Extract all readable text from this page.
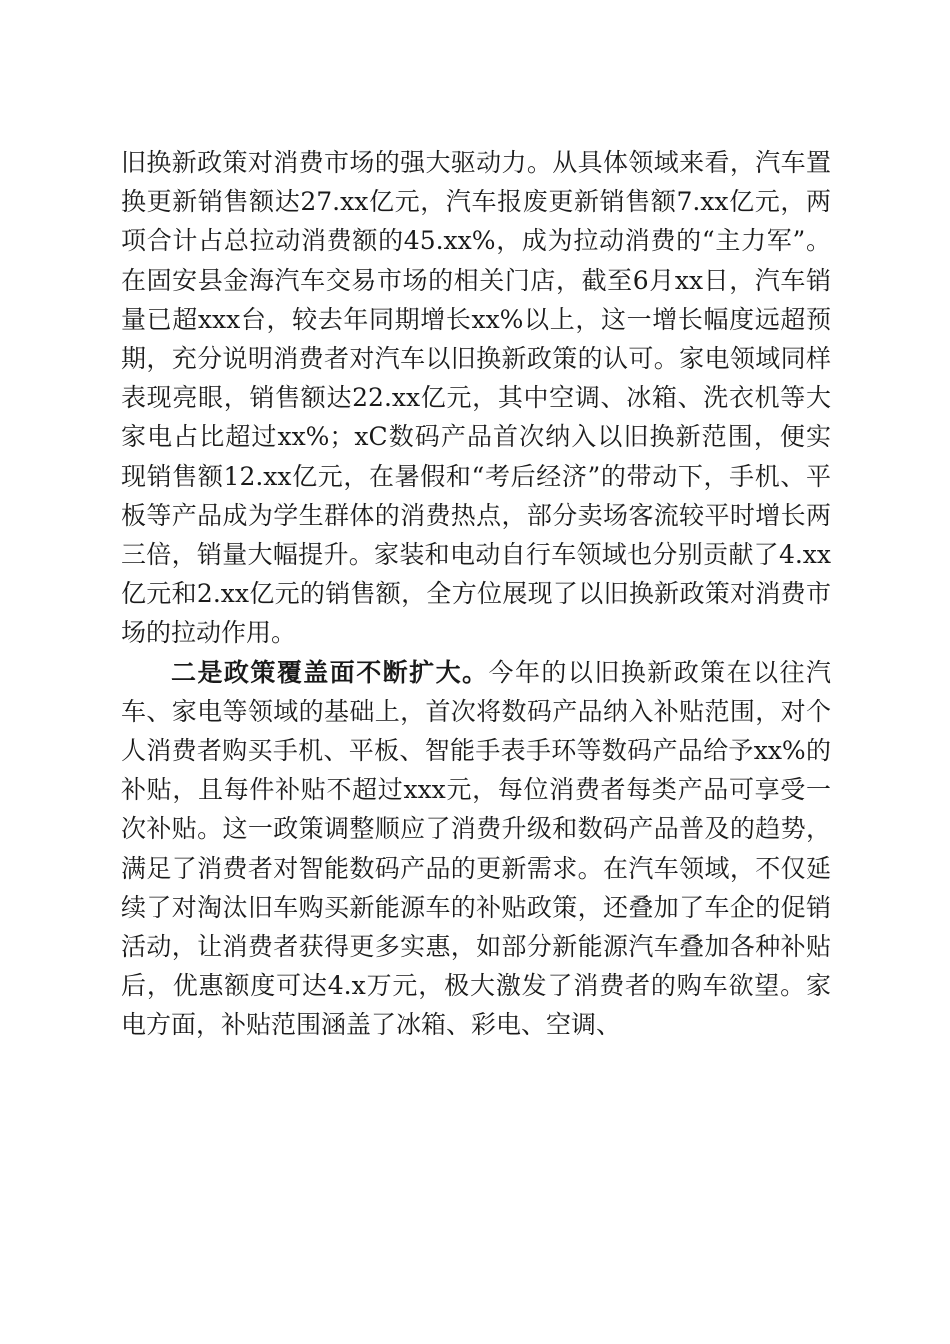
旧换新政策对消费市场的强大驱动力。从具体领域来看，汽车置换更新销售额达27.xx亿元，汽车报废更新销售额7.xx亿元，两项合计占总拉动消费额的45.xx%，成为拉动消费的“主力军”。在固安县金海汽车交易市场的相关门店，截至6月xx日，汽车销量已超xxx台，较去年同期增长xx%以上，这一增长幅度远超预期，充分说明消费者对汽车以旧换新政策的认可。家电领域同样表现亮眼，销售额达22.xx亿元，其中空调、冰箱、洗衣机等大家电占比超过xx%；xC数码产品首次纳入以旧换新范围，便实现销售额12.xx亿元，在暑假和“考后经济”的带动下，手机、平板等产品成为学生群体的消费热点，部分卖场客流较平时增长两三倍，销量大幅提升。家装和电动自行车领域也分别贡献了4.xx亿元和2.xx亿元的销售额，全方位展现了以旧换新政策对消费市场的拉动作用。

二是政策覆盖面不断扩大。今年的以旧换新政策在以往汽车、家电等领域的基础上，首次将数码产品纳入补贴范围，对个人消费者购买手机、平板、智能手表手环等数码产品给予xx%的补贴，且每件补贴不超过xxx元，每位消费者每类产品可享受一次补贴。这一政策调整顺应了消费升级和数码产品普及的趋势，满足了消费者对智能数码产品的更新需求。在汽车领域，不仅延续了对淘汰旧车购买新能源车的补贴政策，还叠加了车企的促销活动，让消费者获得更多实惠，如部分新能源汽车叠加各种补贴后，优惠额度可达4.x万元，极大激发了消费者的购车欲望。家电方面，补贴范围涵盖了冰箱、彩电、空调、
